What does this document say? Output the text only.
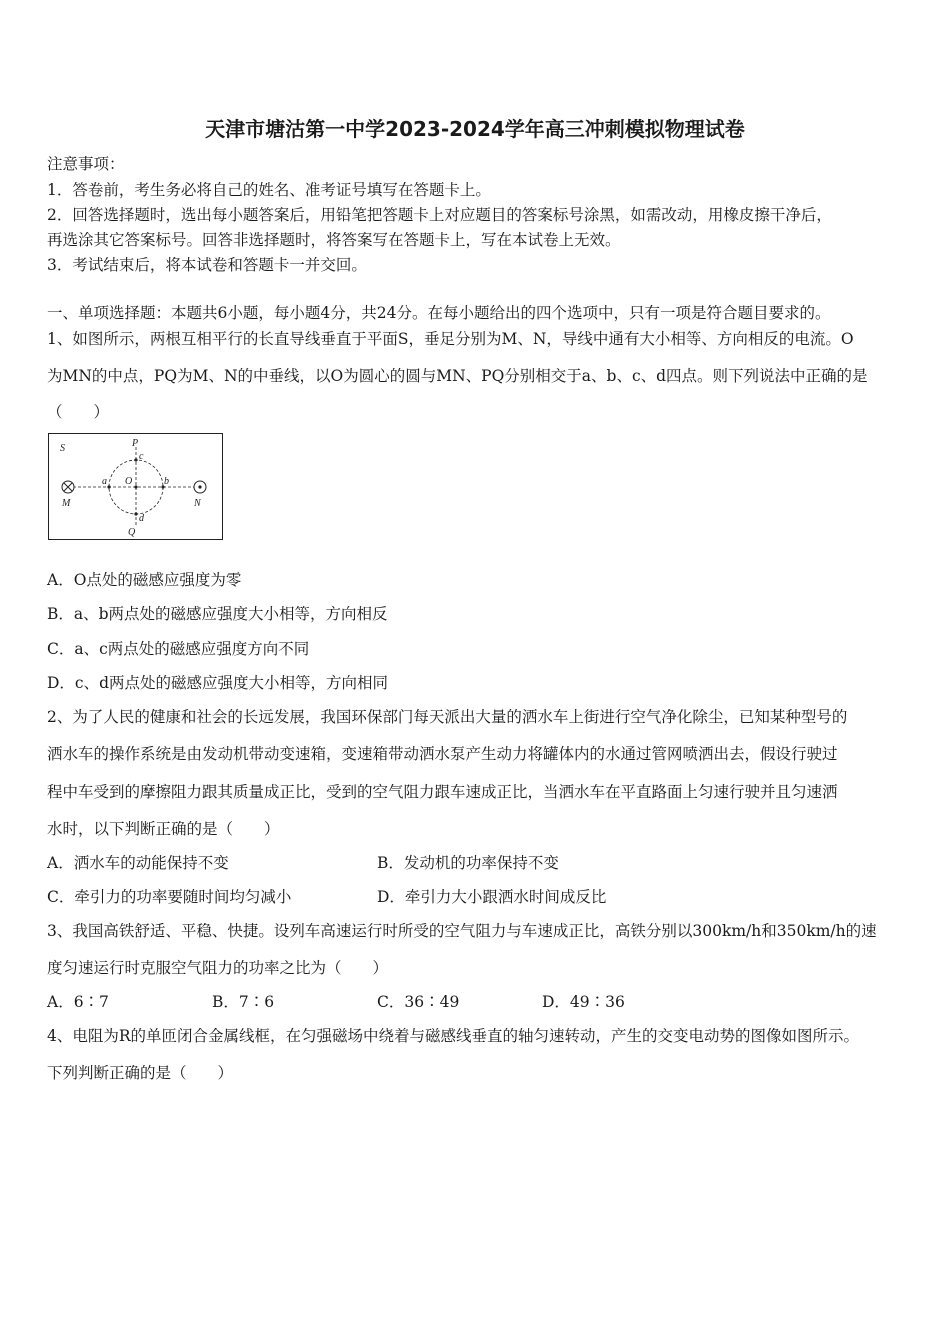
天津市塘沽第一中学2023-2024学年高三冲刺模拟物理试卷
注意事项：
1．答卷前，考生务必将自己的姓名、准考证号填写在答题卡上。
2．回答选择题时，选出每小题答案后，用铅笔把答题卡上对应题目的答案标号涂黑，如需改动，用橡皮擦干净后，
再选涂其它答案标号。回答非选择题时，将答案写在答题卡上，写在本试卷上无效。
3．考试结束后，将本试卷和答题卡一并交回。
一、单项选择题：本题共6小题，每小题4分，共24分。在每小题给出的四个选项中，只有一项是符合题目要求的。
1、如图所示，两根互相平行的长直导线垂直于平面S，垂足分别为M、N，导线中通有大小相等、方向相反的电流。O
为MN的中点，PQ为M、N的中垂线，以O为圆心的圆与MN、PQ分别相交于a、b、c、d四点。则下列说法中正确的是
（　　）
S	P
Q
M	N
O
a	b
c
d
A．O点处的磁感应强度为零
B．a、b两点处的磁感应强度大小相等，方向相反
C．a、c两点处的磁感应强度方向不同
D．c、d两点处的磁感应强度大小相等，方向相同
2、为了人民的健康和社会的长远发展，我国环保部门每天派出大量的洒水车上街进行空气净化除尘，已知某种型号的
洒水车的操作系统是由发动机带动变速箱，变速箱带动洒水泵产生动力将罐体内的水通过管网喷洒出去，假设行驶过
程中车受到的摩擦阻力跟其质量成正比，受到的空气阻力跟车速成正比，当洒水车在平直路面上匀速行驶并且匀速洒
水时，以下判断正确的是（　　）
A．洒水车的动能保持不变	B．发动机的功率保持不变
C．牵引力的功率要随时间均匀减小	D．牵引力大小跟洒水时间成反比
3、我国高铁舒适、平稳、快捷。设列车高速运行时所受的空气阻力与车速成正比，高铁分别以300km/h和350km/h的速
度匀速运行时克服空气阻力的功率之比为（　　）
A．6∶7	B．7∶6	C．36∶49	D．49∶36
4、电阻为R的单匝闭合金属线框，在匀强磁场中绕着与磁感线垂直的轴匀速转动，产生的交变电动势的图像如图所示。
下列判断正确的是（　　）
